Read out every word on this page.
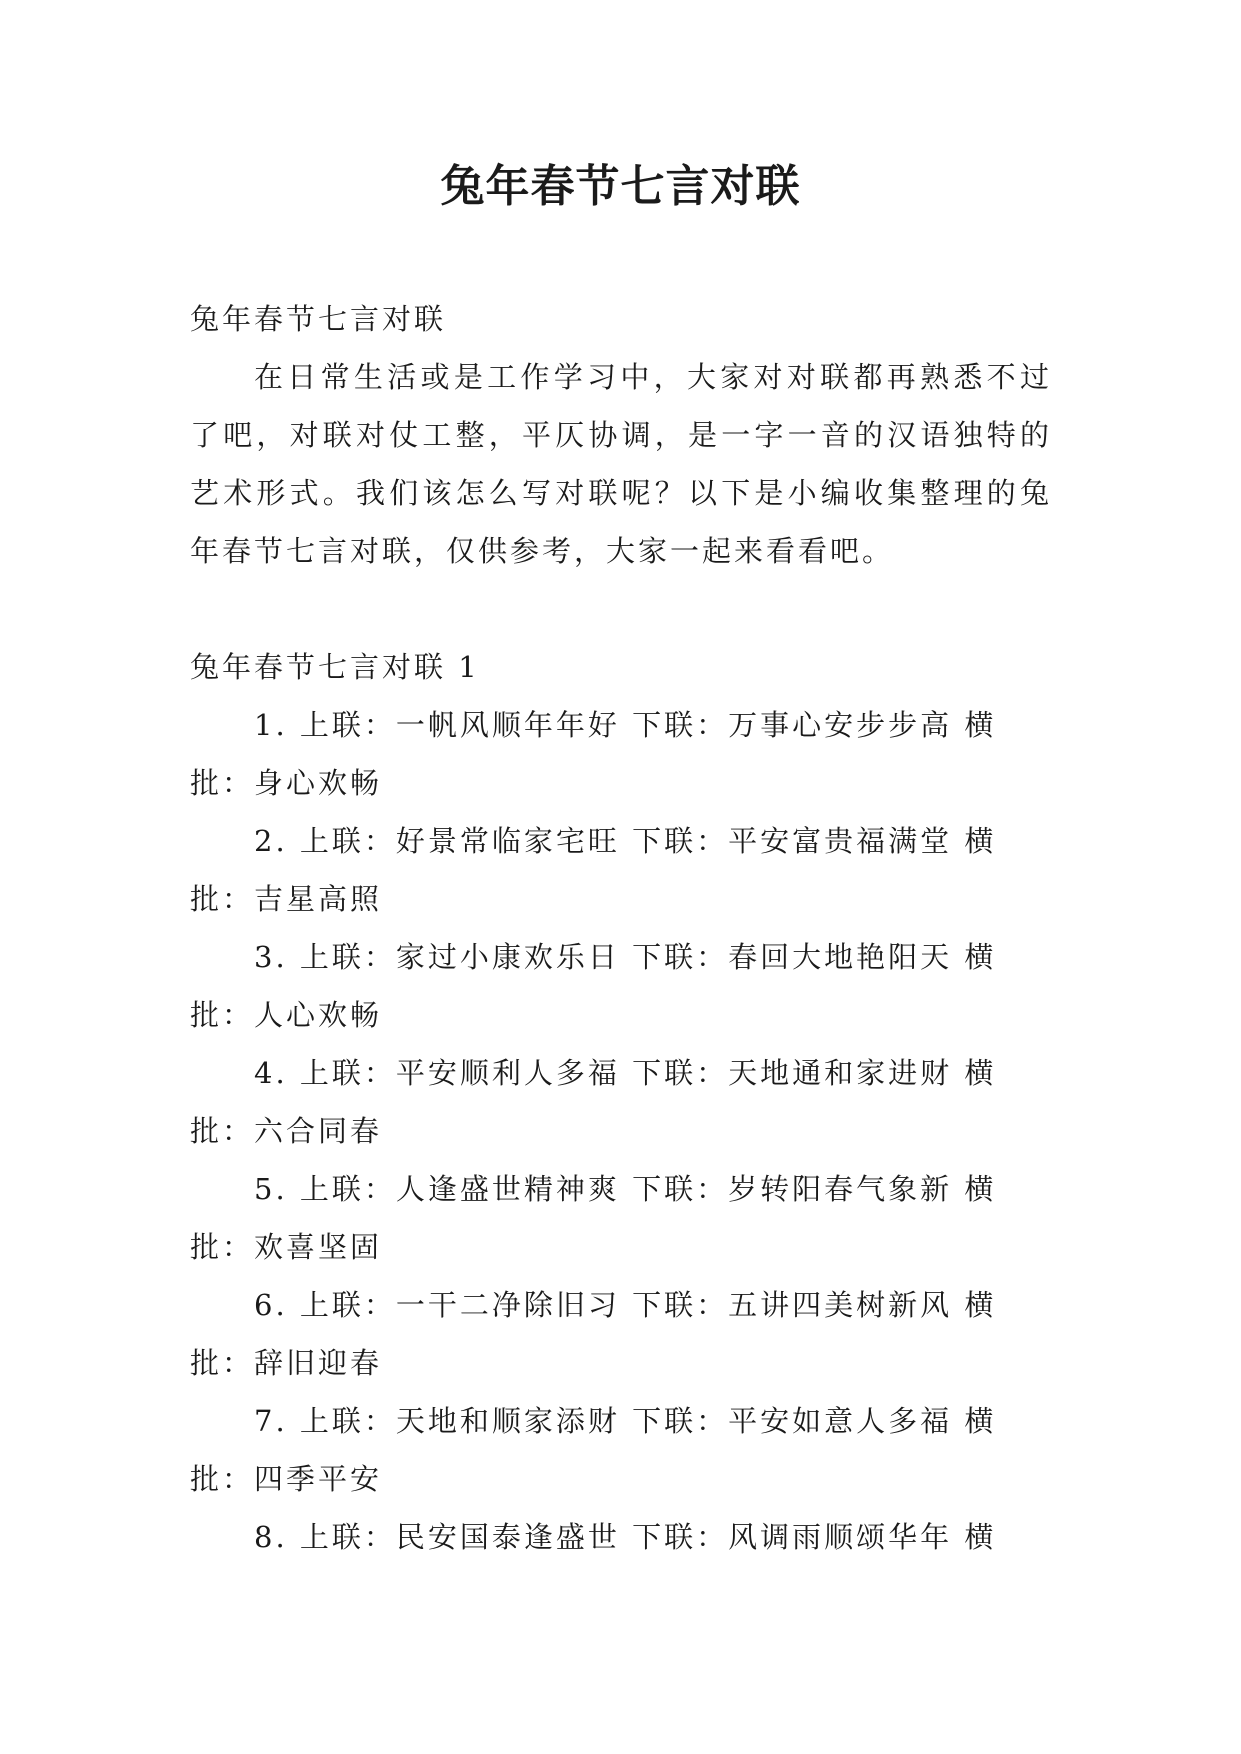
兔年春节七言对联

兔年春节七言对联

在日常生活或是工作学习中，大家对对联都再熟悉不过了吧，对联对仗工整，平仄协调，是一字一音的汉语独特的艺术形式。我们该怎么写对联呢？以下是小编收集整理的兔年春节七言对联，仅供参考，大家一起来看看吧。

兔年春节七言对联 1

1. 上联：一帆风顺年年好 下联：万事心安步步高 横批：身心欢畅

2. 上联：好景常临家宅旺 下联：平安富贵福满堂 横批：吉星高照

3. 上联：家过小康欢乐日 下联：春回大地艳阳天 横批：人心欢畅

4. 上联：平安顺利人多福 下联：天地通和家进财 横批：六合同春

5. 上联：人逢盛世精神爽 下联：岁转阳春气象新 横批：欢喜坚固

6. 上联：一干二净除旧习 下联：五讲四美树新风 横批：辞旧迎春

7. 上联：天地和顺家添财 下联：平安如意人多福 横批：四季平安

8. 上联：民安国泰逢盛世 下联：风调雨顺颂华年 横
